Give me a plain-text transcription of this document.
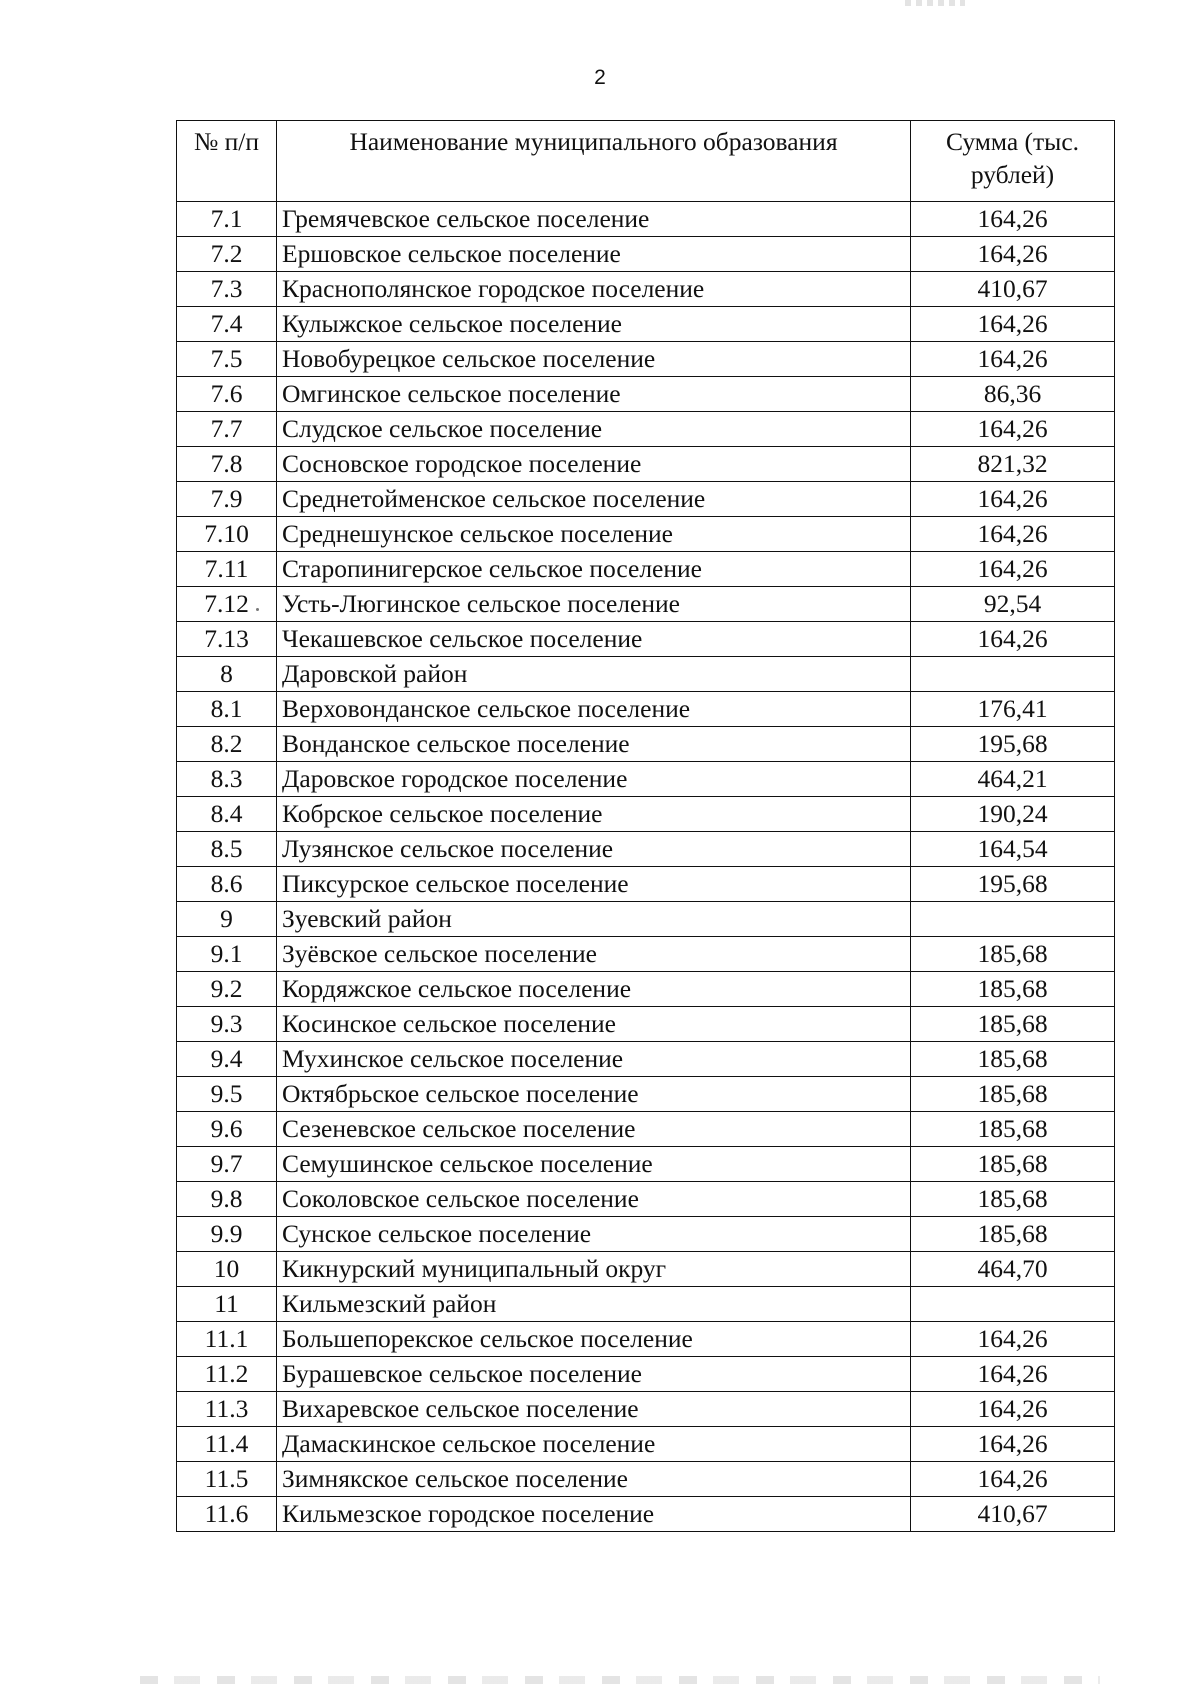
2
№ п/п	Наименование муниципального образования	Сумма (тыс. рублей)
7.1	Гремячевское сельское поселение	164,26
7.2	Ершовское сельское поселение	164,26
7.3	Краснополянское городское поселение	410,67
7.4	Кулыжское сельское поселение	164,26
7.5	Новобурецкое сельское поселение	164,26
7.6	Омгинское сельское поселение	86,36
7.7	Слудское сельское поселение	164,26
7.8	Сосновское городское поселение	821,32
7.9	Среднетойменское сельское поселение	164,26
7.10	Среднешунское сельское поселение	164,26
7.11	Старопинигерское сельское поселение	164,26
7.12	Усть-Люгинское сельское поселение	92,54
7.13	Чекашевское сельское поселение	164,26
8	Даровской район	
8.1	Верховонданское сельское поселение	176,41
8.2	Вонданское сельское поселение	195,68
8.3	Даровское городское поселение	464,21
8.4	Кобрское сельское поселение	190,24
8.5	Лузянское сельское поселение	164,54
8.6	Пиксурское сельское поселение	195,68
9	Зуевский район	
9.1	Зуёвское сельское поселение	185,68
9.2	Кордяжское сельское поселение	185,68
9.3	Косинское сельское поселение	185,68
9.4	Мухинское сельское поселение	185,68
9.5	Октябрьское сельское поселение	185,68
9.6	Сезеневское сельское поселение	185,68
9.7	Семушинское сельское поселение	185,68
9.8	Соколовское сельское поселение	185,68
9.9	Сунское сельское поселение	185,68
10	Кикнурский муниципальный округ	464,70
11	Кильмезский район	
11.1	Большепорекское сельское поселение	164,26
11.2	Бурашевское сельское поселение	164,26
11.3	Вихаревское сельское поселение	164,26
11.4	Дамаскинское сельское поселение	164,26
11.5	Зимнякское сельское поселение	164,26
11.6	Кильмезское городское поселение	410,67
